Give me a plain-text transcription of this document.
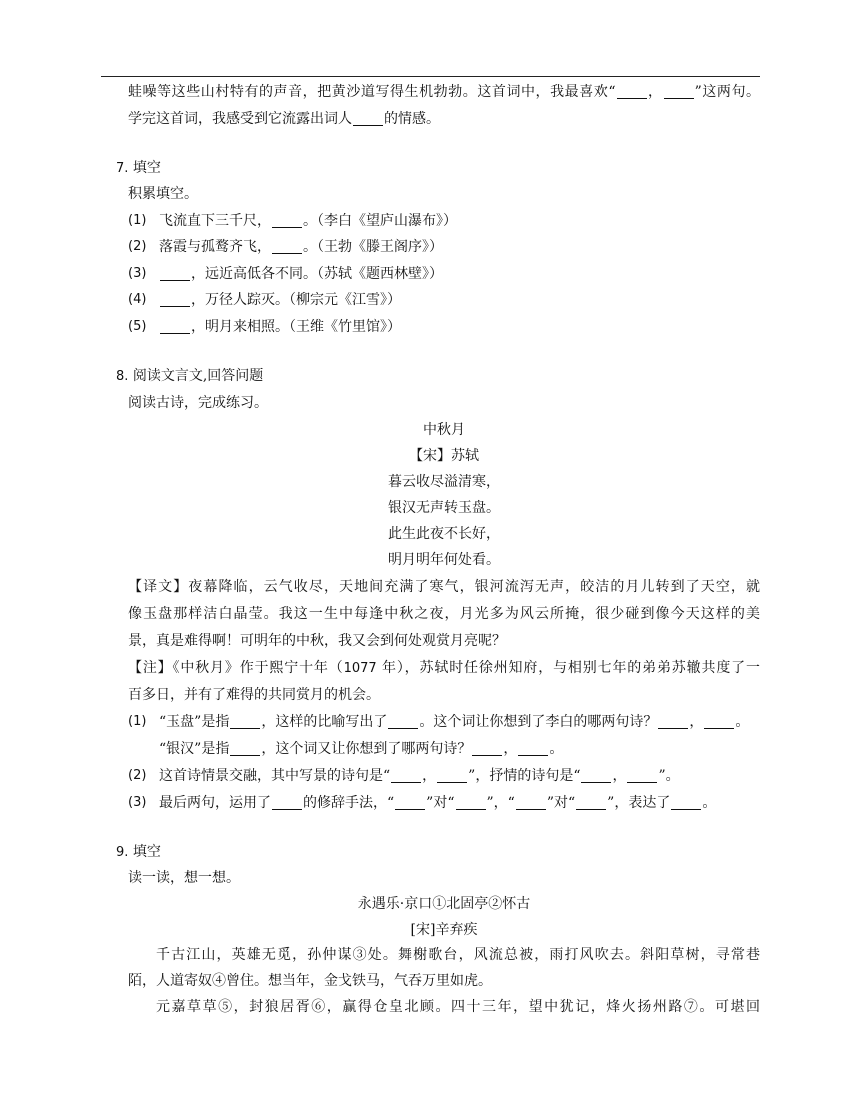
蛙噪等这些山村特有的声音，把黄沙道写得生机勃勃。这首词中，我最喜欢“ ， ”这两句。
学完这首词，我感受到它流露出词人 的情感。
7. 填空
积累填空。
(1) 飞流直下三千尺， 。（李白《望庐山瀑布》）
(2) 落霞与孤鹜齐飞， 。（王勃《滕王阁序》）
(3)	，远近高低各不同。（苏轼《题西林壁》）
(4)	，万径人踪灭。（柳宗元《江雪》）
(5)	，明月来相照。（王维《竹里馆》）
8. 阅读文言文,回答问题
阅读古诗，完成练习。
中秋月
【宋】苏轼
暮云收尽溢清寒，
银汉无声转玉盘。
此生此夜不长好，
明月明年何处看。
【译文】夜幕降临，云气收尽，天地间充满了寒气，银河流泻无声，皎洁的月儿转到了天空，就
像玉盘那样洁白晶莹。我这一生中每逢中秋之夜，月光多为风云所掩，很少碰到像今天这样的美
景，真是难得啊！可明年的中秋，我又会到何处观赏月亮呢？
【注】《中秋月》作于熙宁十年（1077 年），苏轼时任徐州知府，与相别七年的弟弟苏辙共度了一
百多日，并有了难得的共同赏月的机会。
(1) “玉盘”是指 ，这样的比喻写出了 。这个词让你想到了李白的哪两句诗？ ， 。
“银汉”是指 ，这个词又让你想到了哪两句诗？ ， 。
(2) 这首诗情景交融，其中写景的诗句是“ ， ”，抒情的诗句是“ ， ”。
(3) 最后两句，运用了 的修辞手法，“ ”对“ ”，“ ”对“ ”，表达了 。
9. 填空
读一读，想一想。
永遇乐·京口①北固亭②怀古
[宋]辛弃疾
千古江山，英雄无觅，孙仲谋③处。舞榭歌台，风流总被，雨打风吹去。斜阳草树，寻常巷
陌，人道寄奴④曾住。想当年，金戈铁马，气吞万里如虎。
元嘉草草⑤，封狼居胥⑥，赢得仓皇北顾。四十三年，望中犹记，烽火扬州路⑦。可堪回
